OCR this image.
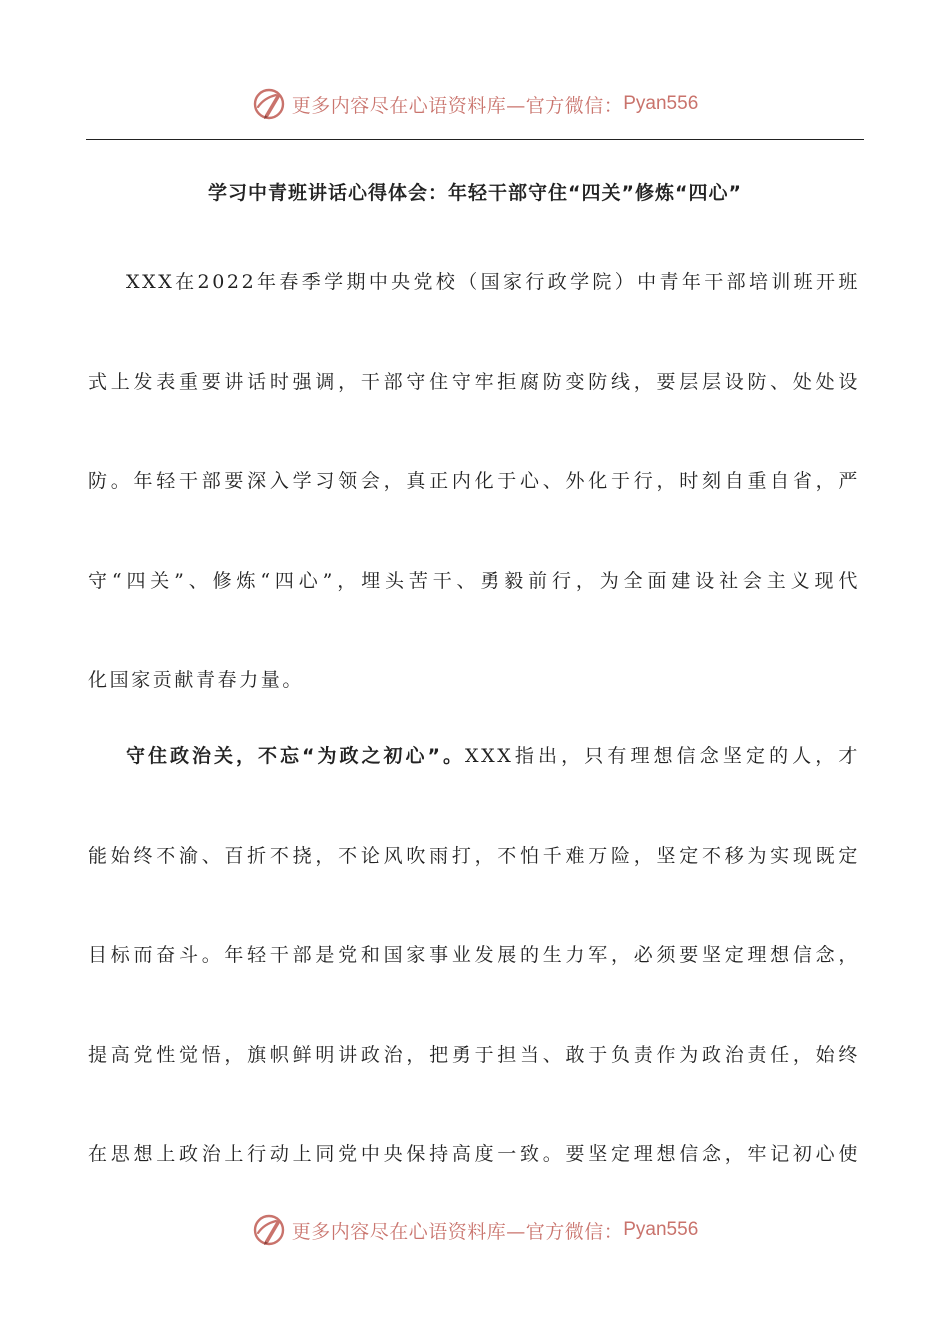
更多内容尽在心语资料库—官方微信： Pyan556
学习中青班讲话心得体会：年轻干部守住“四关”修炼“四心”
XXX在2022年春季学期中央党校（国家行政学院）中青年干部培训班开班
式上发表重要讲话时强调，干部守住守牢拒腐防变防线，要层层设防、处处设
防。年轻干部要深入学习领会，真正内化于心、外化于行，时刻自重自省，严
守“四关”、修炼“四心”，埋头苦干、勇毅前行，为全面建设社会主义现代
化国家贡献青春力量。
守住政治关，不忘“为政之初心”。XXX指出，只有理想信念坚定的人，才
能始终不渝、百折不挠，不论风吹雨打，不怕千难万险，坚定不移为实现既定
目标而奋斗。年轻干部是党和国家事业发展的生力军，必须要坚定理想信念，
提高党性觉悟，旗帜鲜明讲政治，把勇于担当、敢于负责作为政治责任，始终
在思想上政治上行动上同党中央保持高度一致。要坚定理想信念，牢记初心使
更多内容尽在心语资料库—官方微信： Pyan556
